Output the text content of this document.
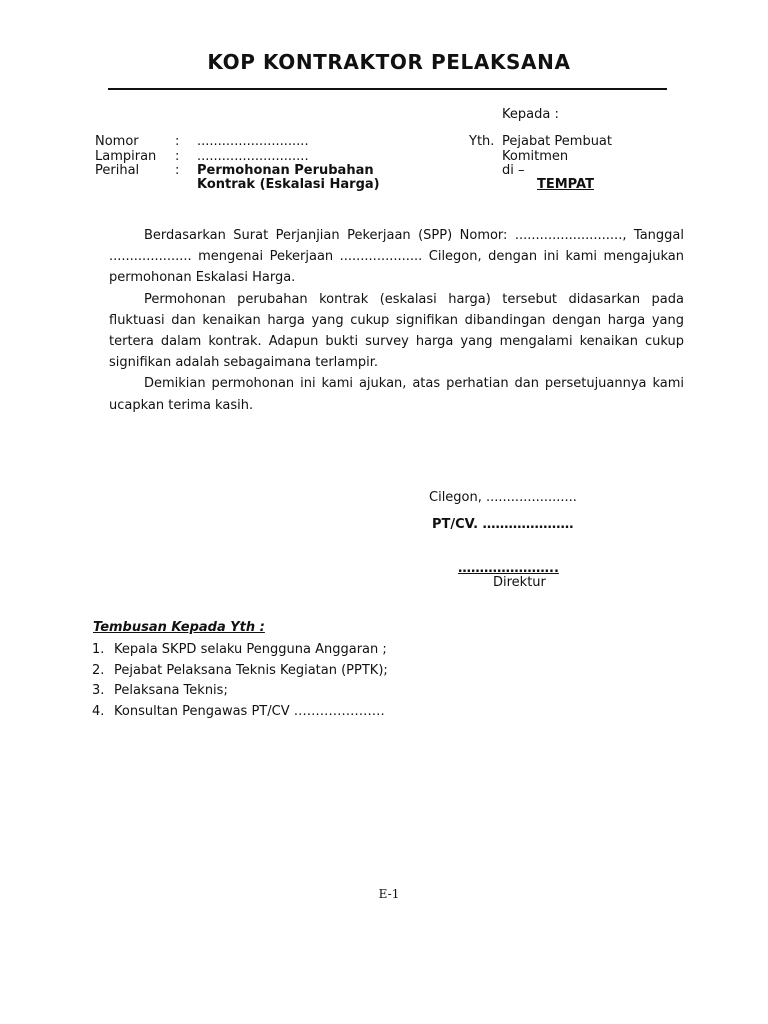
KOP KONTRAKTOR PELAKSANA
Kepada :
Nomor	: ...........................
Lampiran : ...........................
Perihal	: Permohonan Perubahan
Kontrak (Eskalasi Harga)
Yth. Pejabat Pembuat
Komitmen
di –
TEMPAT

Berdasarkan Surat Perjanjian Pekerjaan (SPP) Nomor: .........................., Tanggal .................... mengenai Pekerjaan .................... Cilegon, dengan ini kami mengajukan permohonan Eskalasi Harga.

Permohonan perubahan kontrak (eskalasi harga) tersebut didasarkan pada fluktuasi dan kenaikan harga yang cukup signifikan dibandingan dengan harga yang tertera dalam kontrak. Adapun bukti survey harga yang mengalami kenaikan cukup signifikan adalah sebagaimana terlampir.

Demikian permohonan ini kami ajukan, atas perhatian dan persetujuannya kami ucapkan terima kasih.

Cilegon, ......................
PT/CV. …………………
…………………..
Direktur
Tembusan Kepada Yth :
1. Kepala SKPD selaku Pengguna Anggaran ;
2. Pejabat Pelaksana Teknis Kegiatan (PPTK);
3. Pelaksana Teknis;
4. Konsultan Pengawas PT/CV …………………
E-1
